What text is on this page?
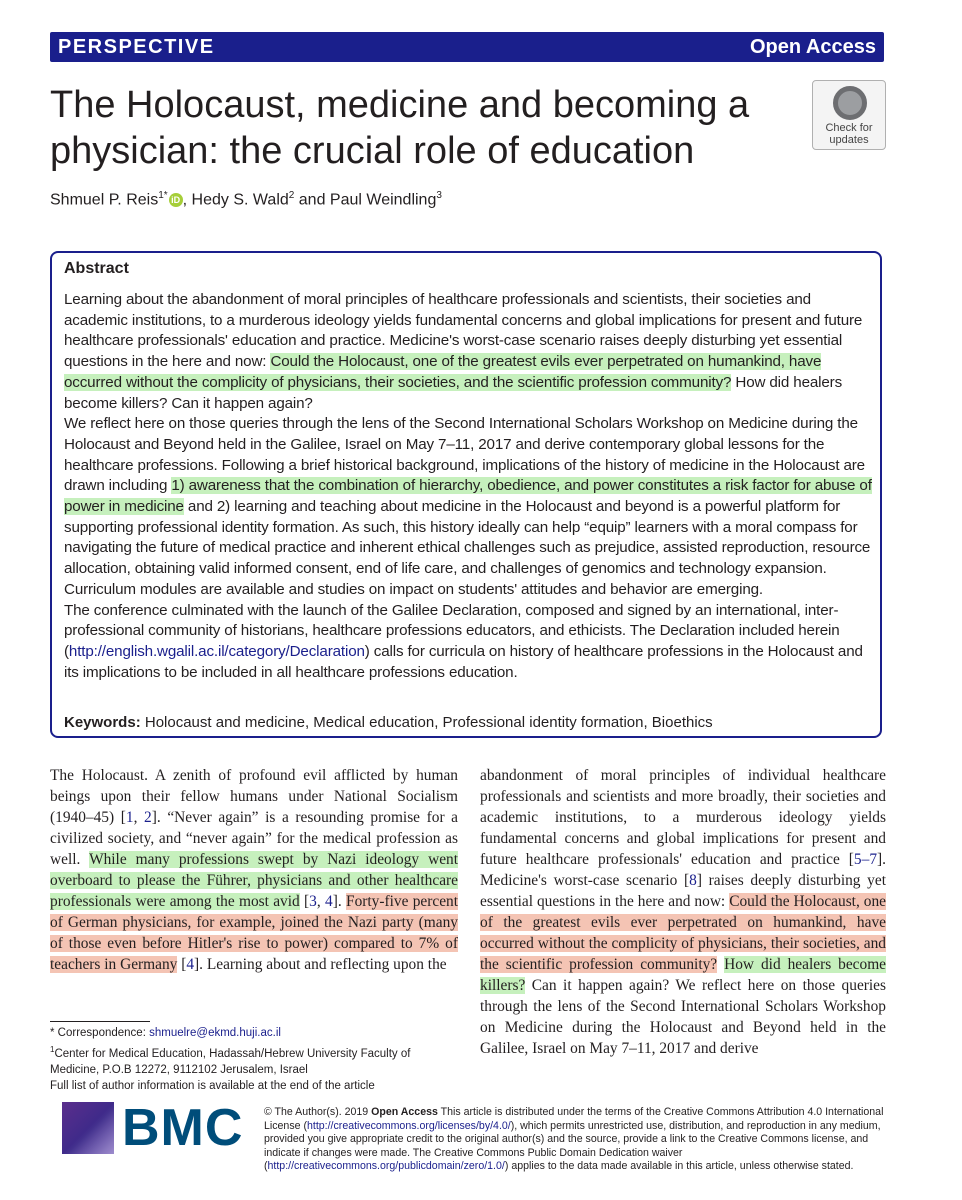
PERSPECTIVE	Open Access
The Holocaust, medicine and becoming a
physician: the crucial role of education
Check for
updates
Shmuel P. Reis$^{1*}$ iD , Hedy S. Wald$^2$ and Paul Weindling$^3$
Abstract

Learning about the abandonment of moral principles of healthcare professionals and scientists, their societies and academic institutions, to a murderous ideology yields fundamental concerns and global implications for present and future healthcare professionals' education and practice. Medicine's worst-case scenario raises deeply disturbing yet essential questions in the here and now: Could the Holocaust, one of the greatest evils ever perpetrated on humankind, have occurred without the complicity of physicians, their societies, and the scientific profession community? How did healers become killers? Can it happen again?

We reflect here on those queries through the lens of the Second International Scholars Workshop on Medicine during the Holocaust and Beyond held in the Galilee, Israel on May 7–11, 2017 and derive contemporary global lessons for the healthcare professions. Following a brief historical background, implications of the history of medicine in the Holocaust are drawn including 1) awareness that the combination of hierarchy, obedience, and power constitutes a risk factor for abuse of power in medicine and 2) learning and teaching about medicine in the Holocaust and beyond is a powerful platform for supporting professional identity formation. As such, this history ideally can help “equip” learners with a moral compass for navigating the future of medical practice and inherent ethical challenges such as prejudice, assisted reproduction, resource allocation, obtaining valid informed consent, end of life care, and challenges of genomics and technology expansion. Curriculum modules are available and studies on impact on students' attitudes and behavior are emerging.

The conference culminated with the launch of the Galilee Declaration, composed and signed by an international, inter-professional community of historians, healthcare professions educators, and ethicists. The Declaration included herein (http://english.wgalil.ac.il/category/Declaration) calls for curricula on history of healthcare professions in the Holocaust and its implications to be included in all healthcare professions education.

Keywords: Holocaust and medicine, Medical education, Professional identity formation, Bioethics

The Holocaust. A zenith of profound evil afflicted by human beings upon their fellow humans under National Socialism (1940–45) [1, 2]. “Never again” is a resounding promise for a civilized society, and “never again” for the medical profession as well. While many professions swept by Nazi ideology went overboard to please the Führer, physicians and other healthcare professionals were among the most avid [3, 4]. Forty-five percent of German physicians, for example, joined the Nazi party (many of those even before Hitler's rise to power) compared to 7% of teachers in Germany [4]. Learning about and reflecting upon the

abandonment of moral principles of individual healthcare professionals and scientists and more broadly, their societies and academic institutions, to a murderous ideology yields fundamental concerns and global implications for present and future healthcare professionals' education and practice [5–7]. Medicine's worst-case scenario [8] raises deeply disturbing yet essential questions in the here and now: Could the Holocaust, one of the greatest evils ever perpetrated on humankind, have occurred without the complicity of physicians, their societies, and the scientific profession community? How did healers become killers? Can it happen again? We reflect here on those queries through the lens of the Second International Scholars Workshop on Medicine during the Holocaust and Beyond held in the Galilee, Israel on May 7–11, 2017 and derive

* Correspondence: shmuelre@ekmd.huji.ac.il

$^1$Center for Medical Education, Hadassah/Hebrew University Faculty of Medicine, P.O.B 12272, 9112102 Jerusalem, Israel

Full list of author information is available at the end of the article

BMC © The Author(s). 2019 Open Access This article is distributed under the terms of the Creative Commons Attribution 4.0 International License (http://creativecommons.org/licenses/by/4.0/), which permits unrestricted use, distribution, and reproduction in any medium, provided you give appropriate credit to the original author(s) and the source, provide a link to the Creative Commons license, and indicate if changes were made. The Creative Commons Public Domain Dedication waiver (http://creativecommons.org/publicdomain/zero/1.0/) applies to the data made available in this article, unless otherwise stated.
